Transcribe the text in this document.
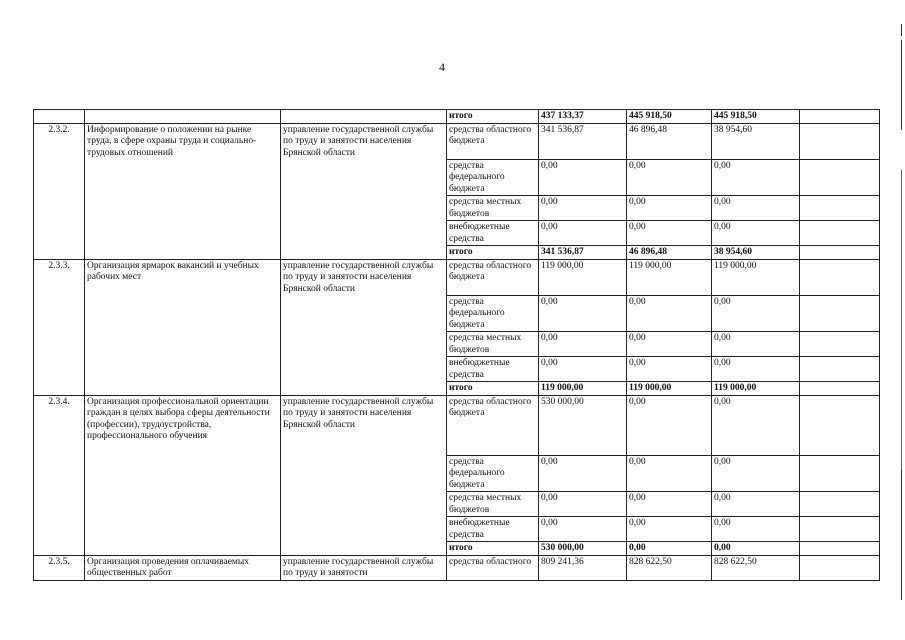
4
			итого	437 133,37	445 918,50	445 918,50	
2.3.2.	Информирование о положении на рынке труда, в сфере охраны труда и социально-трудовых отношений	управление государственной службы по труду и занятости населения Брянской области	средства областного бюджета	341 536,87	46 896,48	38 954,60	
			средства федерального бюджета	0,00	0,00	0,00	
			средства местных бюджетов	0,00	0,00	0,00	
			внебюджетные средства	0,00	0,00	0,00	
			итого	341 536,87	46 896,48	38 954,60	
2.3.3.	Организация ярмарок вакансий и учебных рабочих мест	управление государственной службы по труду и занятости населения Брянской области	средства областного бюджета	119 000,00	119 000,00	119 000,00	
			средства федерального бюджета	0,00	0,00	0,00	
			средства местных бюджетов	0,00	0,00	0,00	
			внебюджетные средства	0,00	0,00	0,00	
			итого	119 000,00	119 000,00	119 000,00	
2.3.4.	Организация профессиональной ориентации граждан в целях выбора сферы деятельности (профессии), трудоустройства, профессионального обучения	управление государственной службы по труду и занятости населения Брянской области	средства областного бюджета	530 000,00	0,00	0,00	
			средства федерального бюджета	0,00	0,00	0,00	
			средства местных бюджетов	0,00	0,00	0,00	
			внебюджетные средства	0,00	0,00	0,00	
			итого	530 000,00	0,00	0,00	
2.3.5.	Организация проведения оплачиваемых общественных работ	управление государственной службы по труду и занятости	средства областного	809 241,36	828 622,50	828 622,50	
